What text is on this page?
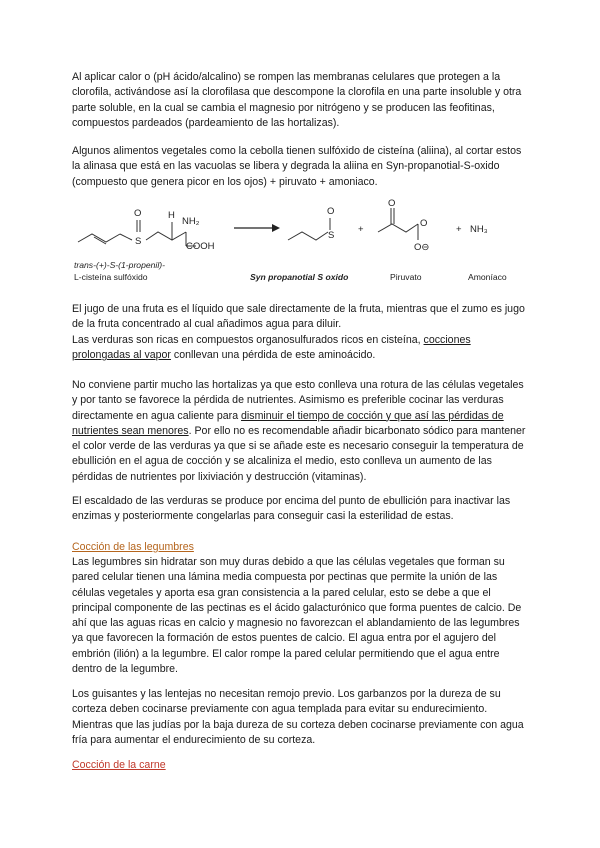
Al aplicar calor o (pH ácido/alcalino) se rompen las membranas celulares que protegen a la clorofila, activándose así la clorofilasa que descompone la clorofila en una parte insoluble y otra parte soluble, en la cual se cambia el magnesio por nitrógeno y se producen las feofitinas, compuestos pardeados (pardeamiento de las hortalizas).

Algunos alimentos vegetales como la cebolla tienen sulfóxido de cisteína (aliina), al cortar estos la alinasa que está en las vacuolas se libera y degrada la aliina en Syn-propanotial-S-oxido (compuesto que genera picor en los ojos) + piruvato + amoniaco.

S
O	H
NH₂
COOH
S
O
+
O
O
O⊖
+ NH₃
trans-(+)-S-(1-propenil)-
L-cisteína sulfóxido	Syn propanotial S oxido	Piruvato	Amoníaco

El jugo de una fruta es el líquido que sale directamente de la fruta, mientras que el zumo es jugo de la fruta concentrado al cual añadimos agua para diluir.

Las verduras son ricas en compuestos organosulfurados ricos en cisteína, cocciones prolongadas al vapor conllevan una pérdida de este aminoácido.

No conviene partir mucho las hortalizas ya que esto conlleva una rotura de las células vegetales y por tanto se favorece la pérdida de nutrientes. Asimismo es preferible cocinar las verduras directamente en agua caliente para disminuir el tiempo de cocción y que así las pérdidas de nutrientes sean menores. Por ello no es recomendable añadir bicarbonato sódico para mantener el color verde de las verduras ya que si se añade este es necesario conseguir la temperatura de ebullición en el agua de cocción y se alcaliniza el medio, esto conlleva un aumento de las pérdidas de nutrientes por lixiviación y destrucción (vitaminas).

El escaldado de las verduras se produce por encima del punto de ebullición para inactivar las enzimas y posteriormente congelarlas para conseguir casi la esterilidad de estas.

Cocción de las legumbres

Las legumbres sin hidratar son muy duras debido a que las células vegetales que forman su pared celular tienen una lámina media compuesta por pectinas que permite la unión de las células vegetales y aporta esa gran consistencia a la pared celular, esto se debe a que el principal componente de las pectinas es el ácido galacturónico que forma puentes de calcio. De ahí que las aguas ricas en calcio y magnesio no favorezcan el ablandamiento de las legumbres ya que favorecen la formación de estos puentes de calcio. El agua entra por el agujero del embrión (ilión) a la legumbre. El calor rompe la pared celular permitiendo que el agua entre dentro de la legumbre.

Los guisantes y las lentejas no necesitan remojo previo. Los garbanzos por la dureza de su corteza deben cocinarse previamente con agua templada para evitar su endurecimiento. Mientras que las judías por la baja dureza de su corteza deben cocinarse previamente con agua fría para aumentar el endurecimiento de su corteza.

Cocción de la carne
